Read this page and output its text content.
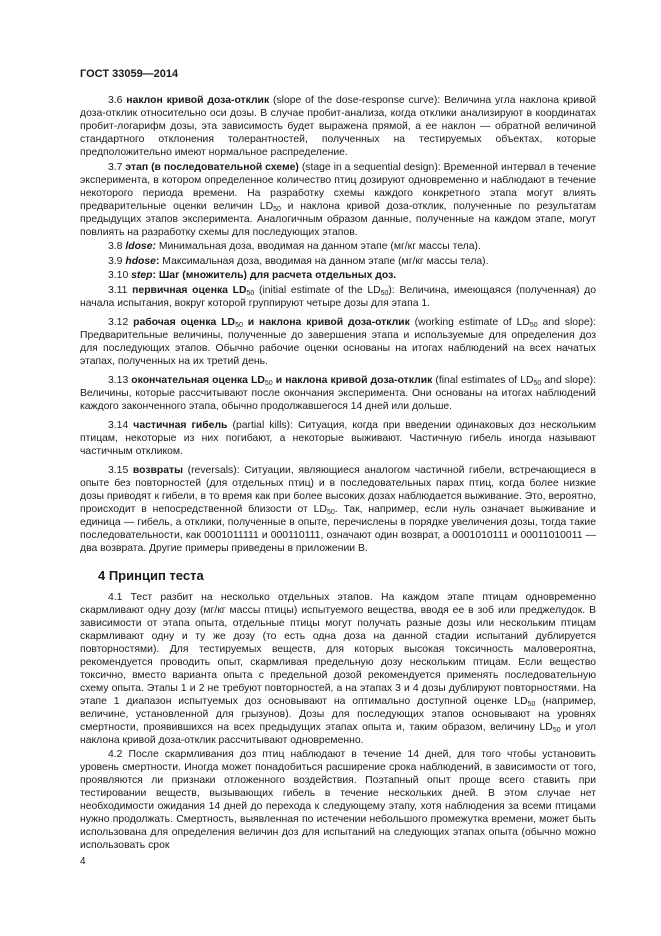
ГОСТ 33059—2014
3.6 наклон кривой доза-отклик (slope of the dose-response curve): Величина угла наклона кривой доза-отклик относительно оси дозы. В случае пробит-анализа, когда отклики анализируют в координатах пробит-логарифм дозы, эта зависимость будет выражена прямой, а ее наклон — обратной величиной стандартного отклонения толерантностей, полученных на тестируемых объектах, которые предположительно имеют нормальное распределение.
3.7 этап (в последовательной схеме) (stage in a sequential design): Временной интервал в течение эксперимента, в котором определенное количество птиц дозируют одновременно и наблюдают в течение некоторого периода времени. На разработку схемы каждого конкретного этапа могут влиять предварительные оценки величин $LD_{50}$ и наклона кривой доза-отклик, полученные по результатам предыдущих этапов эксперимента. Аналогичным образом данные, полученные на каждом этапе, могут повлиять на разработку схемы для последующих этапов.
3.8 ldose: Минимальная доза, вводимая на данном этапе (мг/кг массы тела).
3.9 hdose: Максимальная доза, вводимая на данном этапе (мг/кг массы тела).
3.10 step: Шаг (множитель) для расчета отдельных доз.
3.11 первичная оценка $LD_{50}$ (initial estimate of the $LD_{50}$): Величина, имеющаяся (полученная) до начала испытания, вокруг которой группируют четыре дозы для этапа 1.
3.12 рабочая оценка $LD_{50}$ и наклона кривой доза-отклик (working estimate of $LD_{50}$ and slope): Предварительные величины, полученные до завершения этапа и используемые для определения доз для последующих этапов. Обычно рабочие оценки основаны на итогах наблюдений на всех начатых этапах, полученных на их третий день.
3.13 окончательная оценка $LD_{50}$ и наклона кривой доза-отклик (final estimates of $LD_{50}$ and slope): Величины, которые рассчитывают после окончания эксперимента. Они основаны на итогах наблюдений каждого законченного этапа, обычно продолжавшегося 14 дней или дольше.
3.14 частичная гибель (partial kills): Ситуация, когда при введении одинаковых доз нескольким птицам, некоторые из них погибают, а некоторые выживают. Частичную гибель иногда называют частичным откликом.
3.15 возвраты (reversals): Ситуации, являющиеся аналогом частичной гибели, встречающиеся в опыте без повторностей (для отдельных птиц) и в последовательных парах птиц, когда более низкие дозы приводят к гибели, в то время как при более высоких дозах наблюдается выживание. Это, вероятно, происходит в непосредственной близости от $LD_{50}$. Так, например, если нуль означает выживание и единица — гибель, а отклики, полученные в опыте, перечислены в порядке увеличения дозы, тогда такие последовательности, как 0001011111 и 000110111, означают один возврат, а 0001010111 и 00011010011 — два возврата. Другие примеры приведены в приложении В.
4 Принцип теста
4.1 Тест разбит на несколько отдельных этапов. На каждом этапе птицам одновременно скармливают одну дозу (мг/кг массы птицы) испытуемого вещества, вводя ее в зоб или преджелудок. В зависимости от этапа опыта, отдельные птицы могут получать разные дозы или нескольким птицам скармливают одну и ту же дозу (то есть одна доза на данной стадии испытаний дублируется повторностями). Для тестируемых веществ, для которых высокая токсичность маловероятна, рекомендуется проводить опыт, скармливая предельную дозу нескольким птицам. Если вещество токсично, вместо варианта опыта с предельной дозой рекомендуется применять последовательную схему опыта. Этапы 1 и 2 не требуют повторностей, а на этапах 3 и 4 дозы дублируют повторностями. На этапе 1 диапазон испытуемых доз основывают на оптимально доступной оценке $LD_{50}$ (например, величине, установленной для грызунов). Дозы для последующих этапов основывают на уровнях смертности, проявившихся на всех предыдущих этапах опыта и, таким образом, величину $LD_{50}$ и угол наклона кривой доза-отклик рассчитывают одновременно.
4.2 После скармливания доз птиц наблюдают в течение 14 дней, для того чтобы установить уровень смертности. Иногда может понадобиться расширение срока наблюдений, в зависимости от того, проявляются ли признаки отложенного воздействия. Поэтапный опыт проще всего ставить при тестировании веществ, вызывающих гибель в течение нескольких дней. В этом случае нет необходимости ожидания 14 дней до перехода к следующему этапу, хотя наблюдения за всеми птицами нужно продолжать. Смертность, выявленная по истечении небольшого промежутка времени, может быть использована для определения величин доз для испытаний на следующих этапах опыта (обычно можно использовать срок
4
